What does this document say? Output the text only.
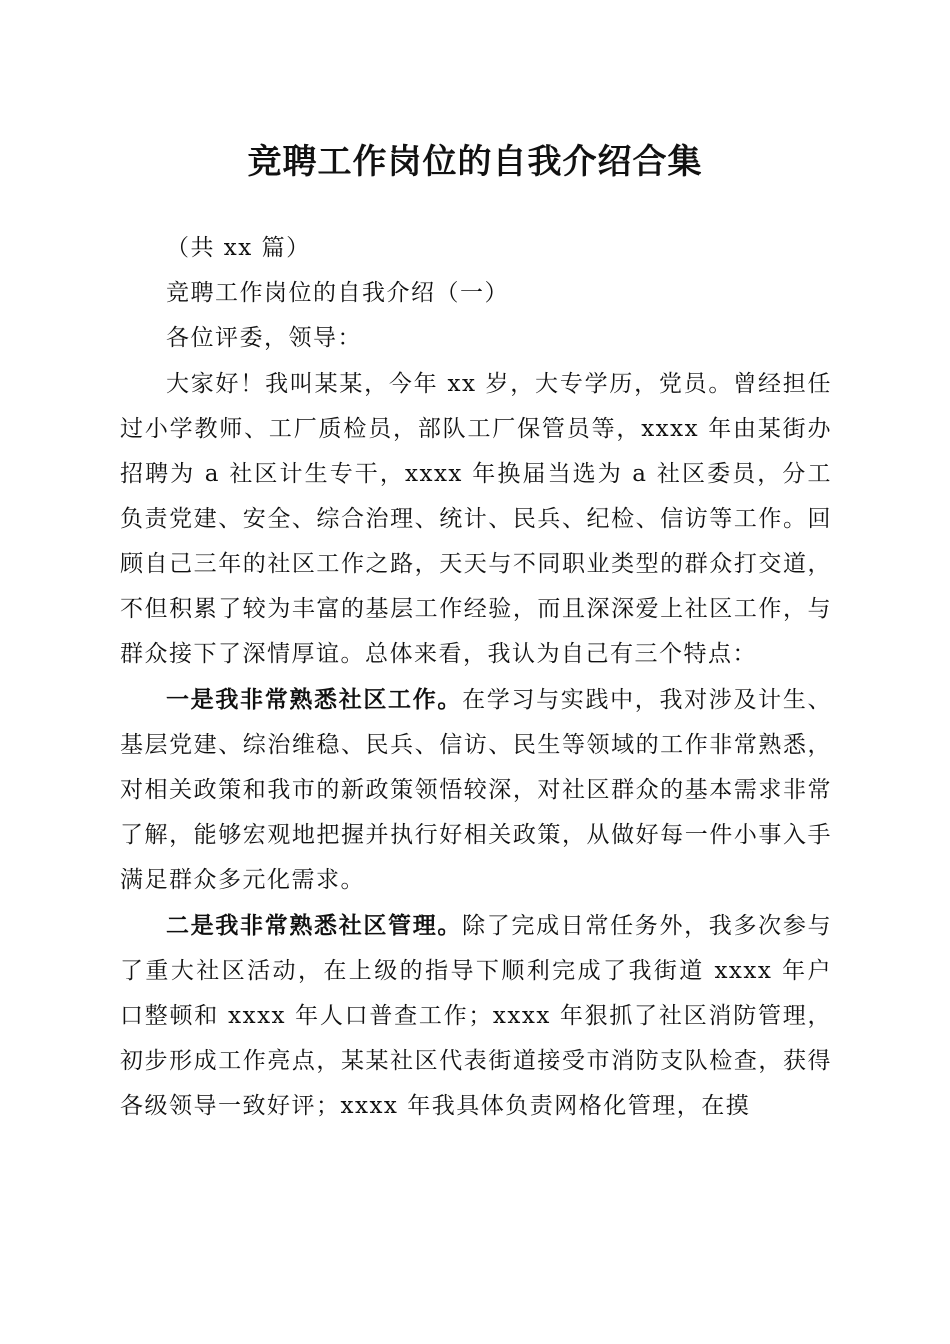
竞聘工作岗位的自我介绍合集

（共 xx 篇）

竞聘工作岗位的自我介绍（一）

各位评委，领导：

大家好！我叫某某，今年 xx 岁，大专学历，党员。曾经担任过小学教师、工厂质检员，部队工厂保管员等，xxxx 年由某街办招聘为 a 社区计生专干，xxxx 年换届当选为 a 社区委员，分工负责党建、安全、综合治理、统计、民兵、纪检、信访等工作。回顾自己三年的社区工作之路，天天与不同职业类型的群众打交道，不但积累了较为丰富的基层工作经验，而且深深爱上社区工作，与群众接下了深情厚谊。总体来看，我认为自己有三个特点：

一是我非常熟悉社区工作。在学习与实践中，我对涉及计生、基层党建、综治维稳、民兵、信访、民生等领域的工作非常熟悉，对相关政策和我市的新政策领悟较深，对社区群众的基本需求非常了解，能够宏观地把握并执行好相关政策，从做好每一件小事入手满足群众多元化需求。

二是我非常熟悉社区管理。除了完成日常任务外，我多次参与了重大社区活动，在上级的指导下顺利完成了我街道 xxxx 年户口整顿和 xxxx 年人口普查工作；xxxx 年狠抓了社区消防管理，初步形成工作亮点，某某社区代表街道接受市消防支队检查，获得各级领导一致好评；xxxx 年我具体负责网格化管理，在摸
